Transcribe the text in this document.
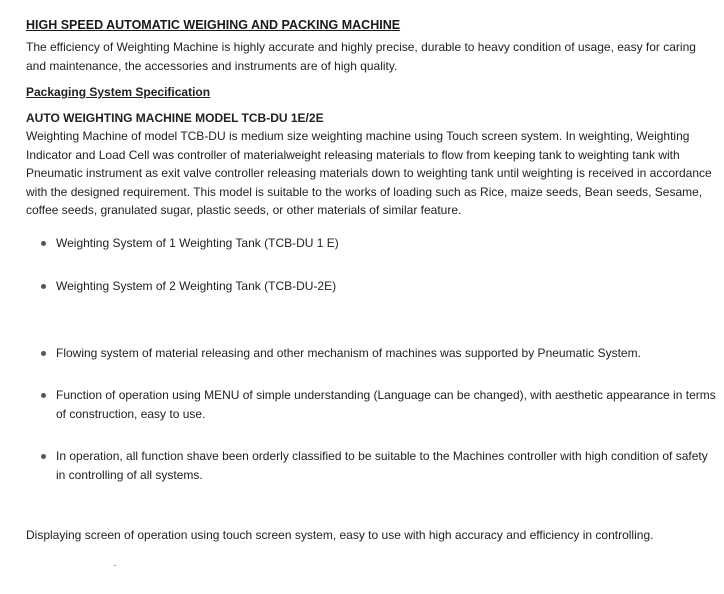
HIGH SPEED AUTOMATIC WEIGHING AND PACKING MACHINE

The efficiency of Weighting Machine is highly accurate and highly precise, durable to heavy condition of usage, easy for caring and maintenance, the accessories and instruments are of high quality.

Packaging System Specification

AUTO WEIGHTING MACHINE MODEL TCB-DU 1E/2E

Weighting Machine of model TCB-DU is medium size weighting machine using Touch screen system. In weighting, Weighting Indicator and Load Cell was controller of materialweight releasing materials to flow from keeping tank to weighting tank with Pneumatic instrument as exit valve controller releasing materials down to weighting tank until weighting is received in accordance with the designed requirement. This model is suitable to the works of loading such as Rice, maize seeds, Bean seeds, Sesame, coffee seeds, granulated sugar, plastic seeds, or other materials of similar feature.

Weighting System of 1 Weighting Tank (TCB-DU 1 E)
Weighting System of 2 Weighting Tank (TCB-DU-2E)
Flowing system of material releasing and other mechanism of machines was supported by Pneumatic System.
Function of operation using MENU of simple understanding (Language can be changed), with aesthetic appearance in terms of construction, easy to use.
In operation, all function shave been orderly classified to be suitable to the Machines controller with high condition of safety in controlling of all systems.

Displaying screen of operation using touch screen system, easy to use with high accuracy and efficiency in controlling.
